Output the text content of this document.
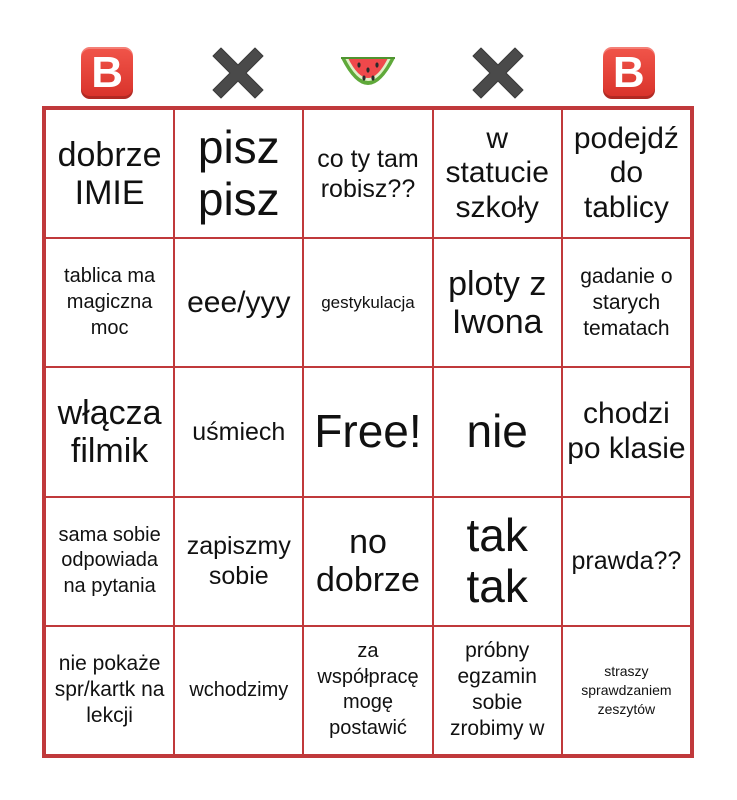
B	B
dobrze IMIE
pisz pisz
co ty tam robisz??
w statucie szkoły
podejdź do tablicy
tablica ma magiczna moc
eee/yyy gestykulacja ploty z Iwona
gadanie o starych tematach
włącza filmik	uśmiech Free! nie	chodzi po klasie
sama sobie odpowiada na pytania
zapiszmy sobie
no dobrze
tak tak	prawda??
nie pokaże spr/kartk na lekcji
wchodzimy
za współpracę mogę postawić
próbny egzamin sobie zrobimy w
straszy sprawdzaniem zeszytów
